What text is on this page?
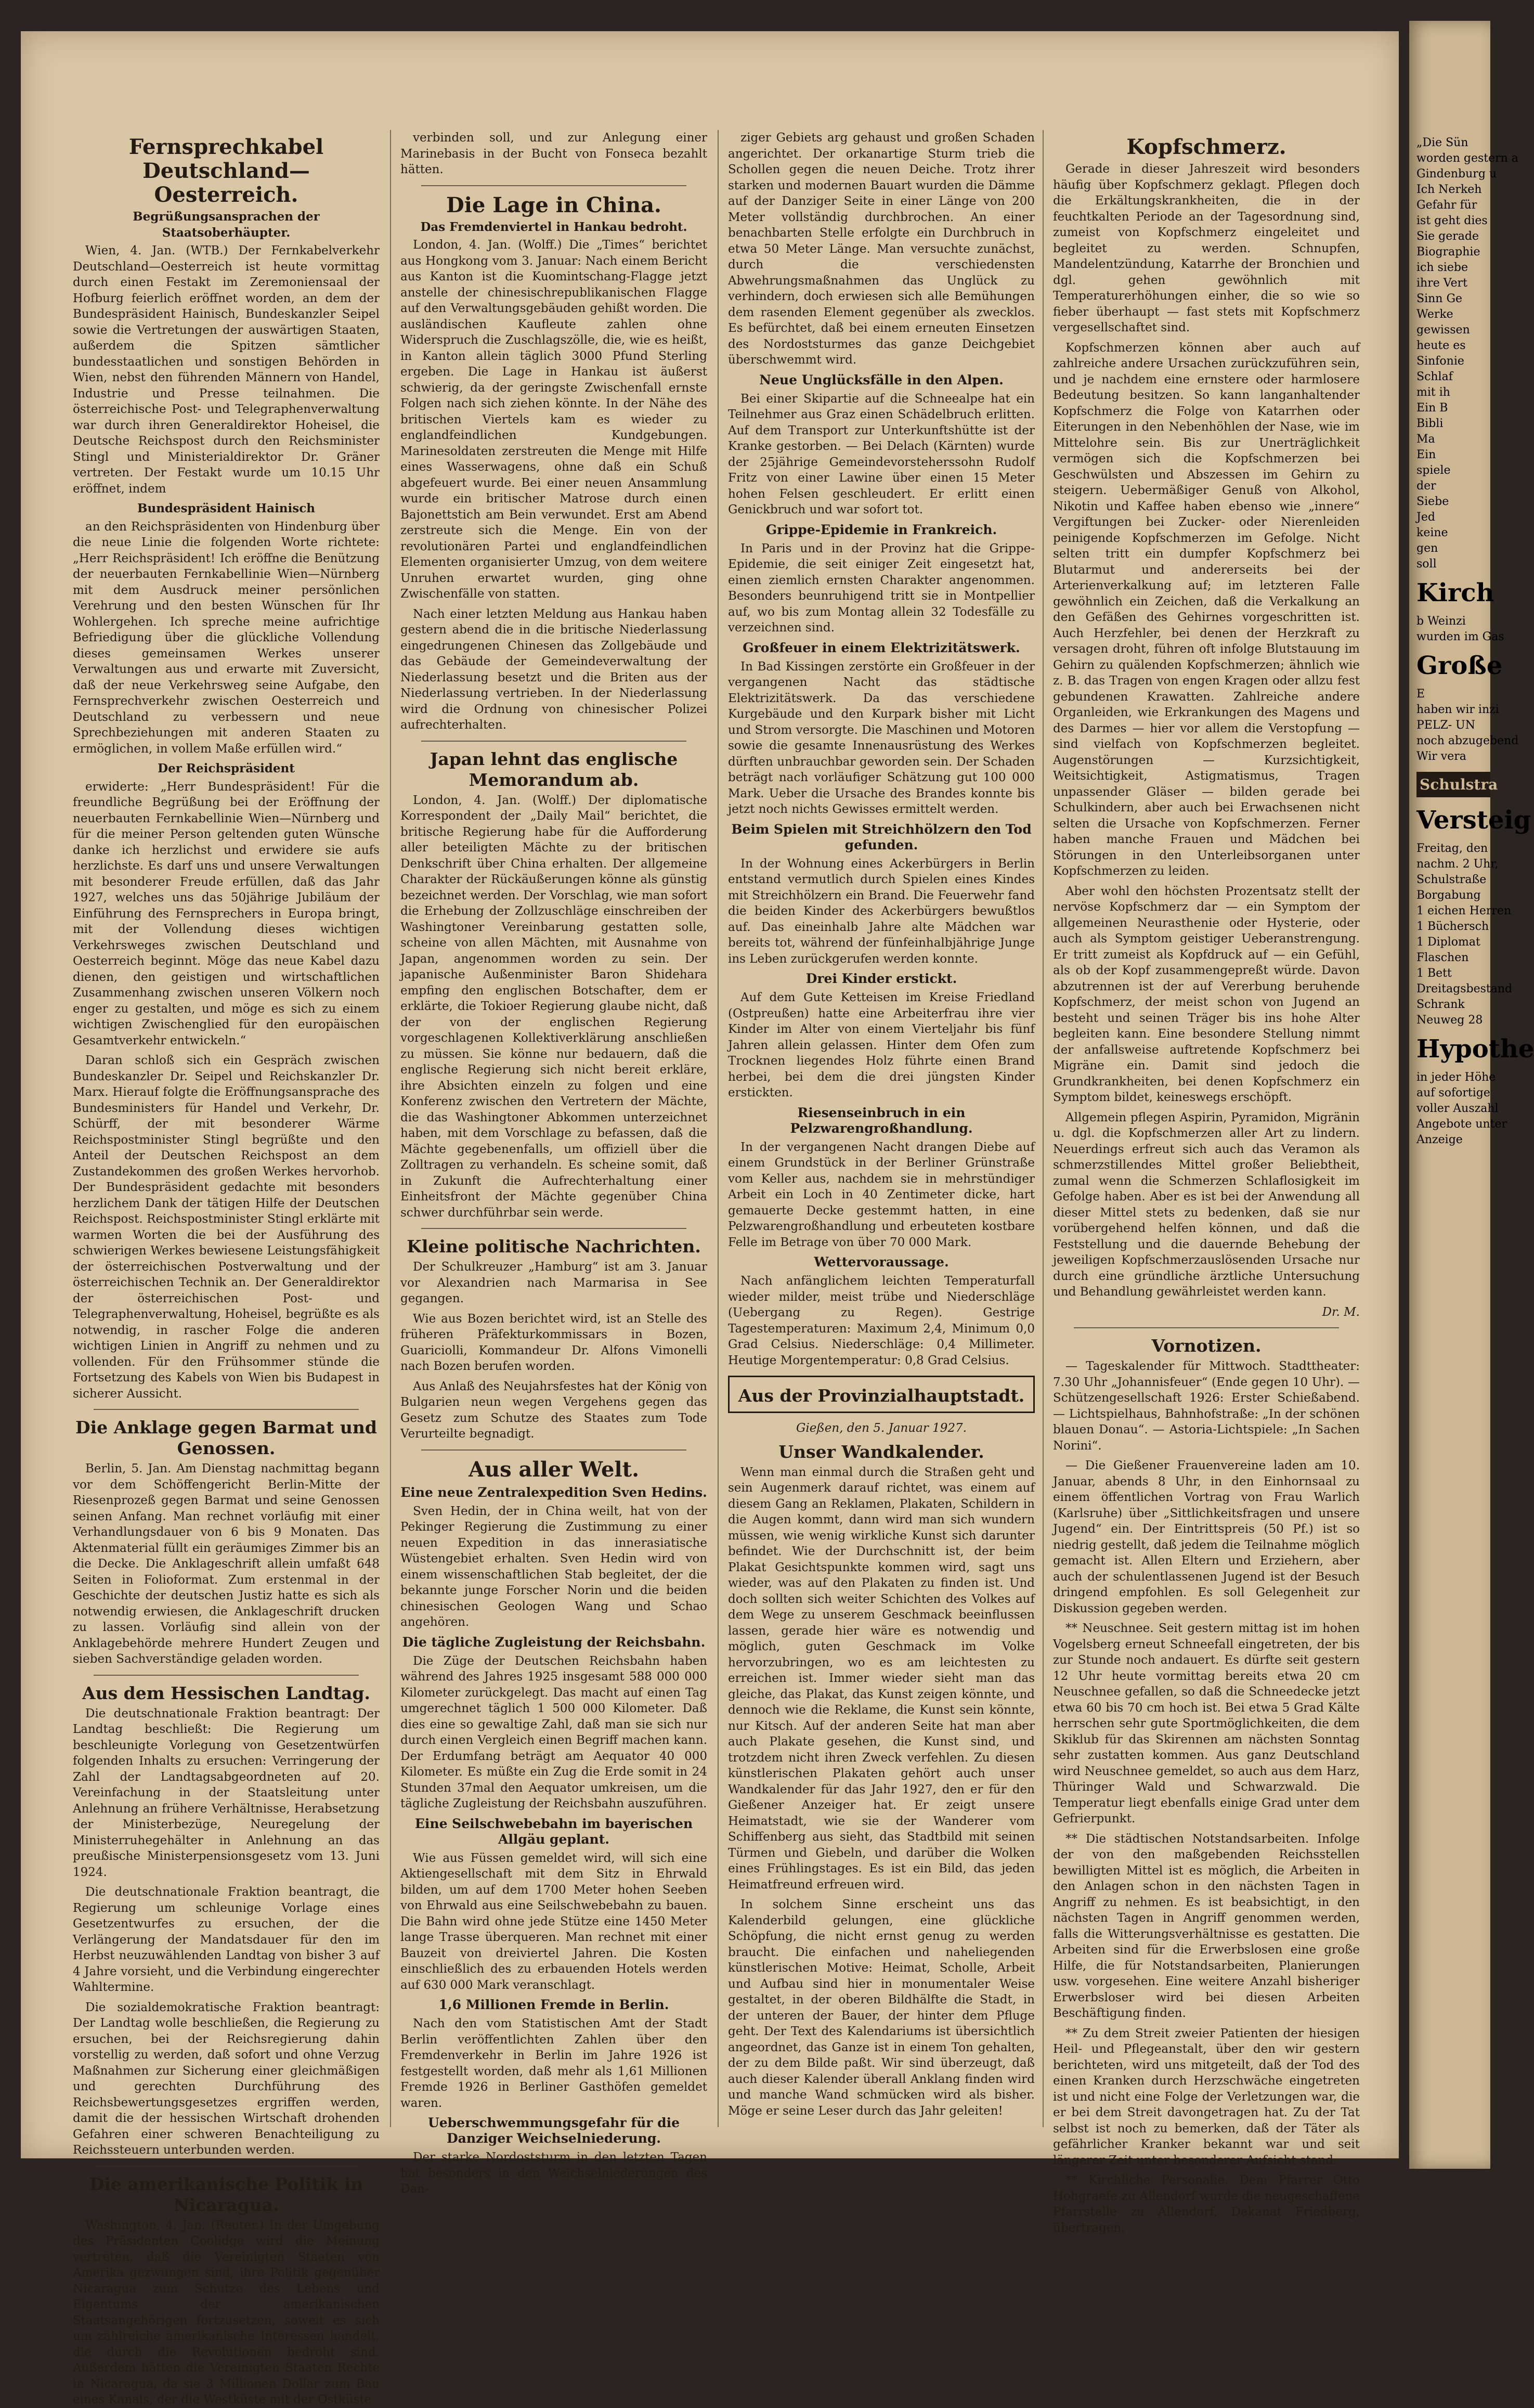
Fernsprechkabel Deutschland—Oesterreich.
Begrüßungsansprachen der Staatsoberhäupter.

Wien, 4. Jan. (WTB.) Der Fernkabelverkehr Deutschland—Oesterreich ist heute vormittag durch einen Festakt im Zeremoniensaal der Hofburg feierlich eröffnet worden, an dem der Bundespräsident Hainisch, Bundeskanzler Seipel sowie die Vertretungen der auswärtigen Staaten, außerdem die Spitzen sämtlicher bundesstaatlichen und sonstigen Behörden in Wien, nebst den führenden Männern von Handel, Industrie und Presse teilnahmen. Die österreichische Post- und Telegraphenverwaltung war durch ihren Generaldirektor Hoheisel, die Deutsche Reichspost durch den Reichsminister Stingl und Ministerialdirektor Dr. Gräner vertreten. Der Festakt wurde um 10.15 Uhr eröffnet, indem

Bundespräsident Hainisch

an den Reichspräsidenten von Hindenburg über die neue Linie die folgenden Worte richtete: „Herr Reichspräsident! Ich eröffne die Benützung der neuerbauten Fernkabellinie Wien—Nürnberg mit dem Ausdruck meiner persönlichen Verehrung und den besten Wünschen für Ihr Wohlergehen. Ich spreche meine aufrichtige Befriedigung über die glückliche Vollendung dieses gemeinsamen Werkes unserer Verwaltungen aus und erwarte mit Zuversicht, daß der neue Verkehrsweg seine Aufgabe, den Fernsprechverkehr zwischen Oesterreich und Deutschland zu verbessern und neue Sprechbeziehungen mit anderen Staaten zu ermöglichen, in vollem Maße erfüllen wird.“

Der Reichspräsident

erwiderte: „Herr Bundespräsident! Für die freundliche Begrüßung bei der Eröffnung der neuerbauten Fernkabellinie Wien—Nürnberg und für die meiner Person geltenden guten Wünsche danke ich herzlichst und erwidere sie aufs herzlichste. Es darf uns und unsere Verwaltungen mit besonderer Freude erfüllen, daß das Jahr 1927, welches uns das 50jährige Jubiläum der Einführung des Fernsprechers in Europa bringt, mit der Vollendung dieses wichtigen Verkehrsweges zwischen Deutschland und Oesterreich beginnt. Möge das neue Kabel dazu dienen, den geistigen und wirtschaftlichen Zusammenhang zwischen unseren Völkern noch enger zu gestalten, und möge es sich zu einem wichtigen Zwischenglied für den europäischen Gesamtverkehr entwickeln.“

Daran schloß sich ein Gespräch zwischen Bundeskanzler Dr. Seipel und Reichskanzler Dr. Marx. Hierauf folgte die Eröffnungsansprache des Bundesministers für Handel und Verkehr, Dr. Schürff, der mit besonderer Wärme Reichspostminister Stingl begrüßte und den Anteil der Deutschen Reichspost an dem Zustandekommen des großen Werkes hervorhob. Der Bundespräsident gedachte mit besonders herzlichem Dank der tätigen Hilfe der Deutschen Reichspost. Reichspostminister Stingl erklärte mit warmen Worten die bei der Ausführung des schwierigen Werkes bewiesene Leistungsfähigkeit der österreichischen Postverwaltung und der österreichischen Technik an. Der Generaldirektor der österreichischen Post- und Telegraphenverwaltung, Hoheisel, begrüßte es als notwendig, in rascher Folge die anderen wichtigen Linien in Angriff zu nehmen und zu vollenden. Für den Frühsommer stünde die Fortsetzung des Kabels von Wien bis Budapest in sicherer Aussicht.

Die Anklage gegen Barmat und Genossen.

Berlin, 5. Jan. Am Dienstag nachmittag begann vor dem Schöffengericht Berlin-Mitte der Riesenprozeß gegen Barmat und seine Genossen seinen Anfang. Man rechnet vorläufig mit einer Verhandlungsdauer von 6 bis 9 Monaten. Das Aktenmaterial füllt ein geräumiges Zimmer bis an die Decke. Die Anklageschrift allein umfaßt 648 Seiten in Folioformat. Zum erstenmal in der Geschichte der deutschen Justiz hatte es sich als notwendig erwiesen, die Anklageschrift drucken zu lassen. Vorläufig sind allein von der Anklagebehörde mehrere Hundert Zeugen und sieben Sachverständige geladen worden.

Aus dem Hessischen Landtag.

Die deutschnationale Fraktion beantragt: Der Landtag beschließt: Die Regierung um beschleunigte Vorlegung von Gesetzentwürfen folgenden Inhalts zu ersuchen: Verringerung der Zahl der Landtagsabgeordneten auf 20. Vereinfachung in der Staatsleitung unter Anlehnung an frühere Verhältnisse, Herabsetzung der Ministerbezüge, Neuregelung der Ministerruhegehälter in Anlehnung an das preußische Ministerpensionsgesetz vom 13. Juni 1924.

Die deutschnationale Fraktion beantragt, die Regierung um schleunige Vorlage eines Gesetzentwurfes zu ersuchen, der die Verlängerung der Mandatsdauer für den im Herbst neuzuwählenden Landtag von bisher 3 auf 4 Jahre vorsieht, und die Verbindung eingerechter Wahltermine.

Die sozialdemokratische Fraktion beantragt: Der Landtag wolle beschließen, die Regierung zu ersuchen, bei der Reichsregierung dahin vorstellig zu werden, daß sofort und ohne Verzug Maßnahmen zur Sicherung einer gleichmäßigen und gerechten Durchführung des Reichsbewertungsgesetzes ergriffen werden, damit die der hessischen Wirtschaft drohenden Gefahren einer schweren Benachteiligung zu Reichssteuern unterbunden werden.

Die amerikanische Politik in Nicaragua.

Washington, 4. Jan. (Reuter.) In der Umgebung des Präsidenten Coolidge wird die Meinung vertreten, daß die Vereinigten Staaten von Amerika gezwungen sind, ihre Politik gegenüber Nicaragua zum Schutze des Lebens und Eigentums der amerikanischen Staatsangehörigen fortzusetzen, soweit es sich um zahlreiche amerikanische Interessen handelt, die durch die Revolutionen bedroht sind. Außerdem hätten die Vereinigten Staaten Rechte in Nicaragua, da sie 3 Millionen Dollar zum Bau eines Kanals, der die Westküste mit der Ostküste

verbinden soll, und zur Anlegung einer Marinebasis in der Bucht von Fonseca bezahlt hätten.

Die Lage in China.
Das Fremdenviertel in Hankau bedroht.

London, 4. Jan. (Wolff.) Die „Times“ berichtet aus Hongkong vom 3. Januar: Nach einem Bericht aus Kanton ist die Kuomintschang-Flagge jetzt anstelle der chinesischrepublikanischen Flagge auf den Verwaltungsgebäuden gehißt worden. Die ausländischen Kaufleute zahlen ohne Widerspruch die Zuschlagszölle, die, wie es heißt, in Kanton allein täglich 3000 Pfund Sterling ergeben. Die Lage in Hankau ist äußerst schwierig, da der geringste Zwischenfall ernste Folgen nach sich ziehen könnte. In der Nähe des britischen Viertels kam es wieder zu englandfeindlichen Kundgebungen. Marinesoldaten zerstreuten die Menge mit Hilfe eines Wasserwagens, ohne daß ein Schuß abgefeuert wurde. Bei einer neuen Ansammlung wurde ein britischer Matrose durch einen Bajonettstich am Bein verwundet. Erst am Abend zerstreute sich die Menge. Ein von der revolutionären Partei und englandfeindlichen Elementen organisierter Umzug, von dem weitere Unruhen erwartet wurden, ging ohne Zwischenfälle von statten.

Nach einer letzten Meldung aus Hankau haben gestern abend die in die britische Niederlassung eingedrungenen Chinesen das Zollgebäude und das Gebäude der Gemeindeverwaltung der Niederlassung besetzt und die Briten aus der Niederlassung vertrieben. In der Niederlassung wird die Ordnung von chinesischer Polizei aufrechterhalten.

Japan lehnt das englische Memorandum ab.

London, 4. Jan. (Wolff.) Der diplomatische Korrespondent der „Daily Mail“ berichtet, die britische Regierung habe für die Aufforderung aller beteiligten Mächte zu der britischen Denkschrift über China erhalten. Der allgemeine Charakter der Rückäußerungen könne als günstig bezeichnet werden. Der Vorschlag, wie man sofort die Erhebung der Zollzuschläge einschreiben der Washingtoner Vereinbarung gestatten solle, scheine von allen Mächten, mit Ausnahme von Japan, angenommen worden zu sein. Der japanische Außenminister Baron Shidehara empfing den englischen Botschafter, dem er erklärte, die Tokioer Regierung glaube nicht, daß der von der englischen Regierung vorgeschlagenen Kollektiverklärung anschließen zu müssen. Sie könne nur bedauern, daß die englische Regierung sich nicht bereit erkläre, ihre Absichten einzeln zu folgen und eine Konferenz zwischen den Vertretern der Mächte, die das Washingtoner Abkommen unterzeichnet haben, mit dem Vorschlage zu befassen, daß die Mächte gegebenenfalls, um offiziell über die Zolltragen zu verhandeln. Es scheine somit, daß in Zukunft die Aufrechterhaltung einer Einheitsfront der Mächte gegenüber China schwer durchführbar sein werde.

Kleine politische Nachrichten.

Der Schulkreuzer „Hamburg“ ist am 3. Januar vor Alexandrien nach Marmarisa in See gegangen.

Wie aus Bozen berichtet wird, ist an Stelle des früheren Präfekturkommissars in Bozen, Guariciolli, Kommandeur Dr. Alfons Vimonelli nach Bozen berufen worden.

Aus Anlaß des Neujahrsfestes hat der König von Bulgarien neun wegen Vergehens gegen das Gesetz zum Schutze des Staates zum Tode Verurteilte begnadigt.

Aus aller Welt.
Eine neue Zentralexpedition Sven Hedins.

Sven Hedin, der in China weilt, hat von der Pekinger Regierung die Zustimmung zu einer neuen Expedition in das innerasiatische Wüstengebiet erhalten. Sven Hedin wird von einem wissenschaftlichen Stab begleitet, der die bekannte junge Forscher Norin und die beiden chinesischen Geologen Wang und Schao angehören.

Die tägliche Zugleistung der Reichsbahn.

Die Züge der Deutschen Reichsbahn haben während des Jahres 1925 insgesamt 588 000 000 Kilometer zurückgelegt. Das macht auf einen Tag umgerechnet täglich 1 500 000 Kilometer. Daß dies eine so gewaltige Zahl, daß man sie sich nur durch einen Vergleich einen Begriff machen kann. Der Erdumfang beträgt am Aequator 40 000 Kilometer. Es müßte ein Zug die Erde somit in 24 Stunden 37mal den Aequator umkreisen, um die tägliche Zugleistung der Reichsbahn auszuführen.

Eine Seilschwebebahn im bayerischen Allgäu geplant.

Wie aus Füssen gemeldet wird, will sich eine Aktiengesellschaft mit dem Sitz in Ehrwald bilden, um auf dem 1700 Meter hohen Seeben von Ehrwald aus eine Seilschwebebahn zu bauen. Die Bahn wird ohne jede Stütze eine 1450 Meter lange Trasse überqueren. Man rechnet mit einer Bauzeit von dreiviertel Jahren. Die Kosten einschließlich des zu erbauenden Hotels werden auf 630 000 Mark veranschlagt.

1,6 Millionen Fremde in Berlin.

Nach den vom Statistischen Amt der Stadt Berlin veröffentlichten Zahlen über den Fremdenverkehr in Berlin im Jahre 1926 ist festgestellt worden, daß mehr als 1,61 Millionen Fremde 1926 in Berliner Gasthöfen gemeldet waren.

Ueberschwemmungsgefahr für die Danziger Weichselniederung.

Der starke Nordoststurm in den letzten Tagen hat besonders in den Weichselniederungen des Dan-

ziger Gebiets arg gehaust und großen Schaden angerichtet. Der orkanartige Sturm trieb die Schollen gegen die neuen Deiche. Trotz ihrer starken und modernen Bauart wurden die Dämme auf der Danziger Seite in einer Länge von 200 Meter vollständig durchbrochen. An einer benachbarten Stelle erfolgte ein Durchbruch in etwa 50 Meter Länge. Man versuchte zunächst, durch die verschiedensten Abwehrungsmaßnahmen das Unglück zu verhindern, doch erwiesen sich alle Bemühungen dem rasenden Element gegenüber als zwecklos. Es befürchtet, daß bei einem erneuten Einsetzen des Nordoststurmes das ganze Deichgebiet überschwemmt wird.

Neue Unglücksfälle in den Alpen.

Bei einer Skipartie auf die Schneealpe hat ein Teilnehmer aus Graz einen Schädelbruch erlitten. Auf dem Transport zur Unterkunftshütte ist der Kranke gestorben. — Bei Delach (Kärnten) wurde der 25jährige Gemeindevorsteherssohn Rudolf Fritz von einer Lawine über einen 15 Meter hohen Felsen geschleudert. Er erlitt einen Genickbruch und war sofort tot.

Grippe-Epidemie in Frankreich.

In Paris und in der Provinz hat die Grippe-Epidemie, die seit einiger Zeit eingesetzt hat, einen ziemlich ernsten Charakter angenommen. Besonders beunruhigend tritt sie in Montpellier auf, wo bis zum Montag allein 32 Todesfälle zu verzeichnen sind.

Großfeuer in einem Elektrizitätswerk.

In Bad Kissingen zerstörte ein Großfeuer in der vergangenen Nacht das städtische Elektrizitätswerk. Da das verschiedene Kurgebäude und den Kurpark bisher mit Licht und Strom versorgte. Die Maschinen und Motoren sowie die gesamte Innenausrüstung des Werkes dürften unbrauchbar geworden sein. Der Schaden beträgt nach vorläufiger Schätzung gut 100 000 Mark. Ueber die Ursache des Brandes konnte bis jetzt noch nichts Gewisses ermittelt werden.

Beim Spielen mit Streichhölzern den Tod gefunden.

In der Wohnung eines Ackerbürgers in Berlin entstand vermutlich durch Spielen eines Kindes mit Streichhölzern ein Brand. Die Feuerwehr fand die beiden Kinder des Ackerbürgers bewußtlos auf. Das eineinhalb Jahre alte Mädchen war bereits tot, während der fünfeinhalbjährige Junge ins Leben zurückgerufen werden konnte.

Drei Kinder erstickt.

Auf dem Gute Ketteisen im Kreise Friedland (Ostpreußen) hatte eine Arbeiterfrau ihre vier Kinder im Alter von einem Vierteljahr bis fünf Jahren allein gelassen. Hinter dem Ofen zum Trocknen liegendes Holz führte einen Brand herbei, bei dem die drei jüngsten Kinder erstickten.

Riesenseinbruch in ein Pelzwarengroßhandlung.

In der vergangenen Nacht drangen Diebe auf einem Grundstück in der Berliner Grünstraße vom Keller aus, nachdem sie in mehrstündiger Arbeit ein Loch in 40 Zentimeter dicke, hart gemauerte Decke gestemmt hatten, in eine Pelzwarengroßhandlung und erbeuteten kostbare Felle im Betrage von über 70 000 Mark.

Wettervoraussage.

Nach anfänglichem leichten Temperaturfall wieder milder, meist trübe und Niederschläge (Uebergang zu Regen). Gestrige Tagestemperaturen: Maximum 2,4, Minimum 0,0 Grad Celsius. Niederschläge: 0,4 Millimeter. Heutige Morgentemperatur: 0,8 Grad Celsius.

Aus der Provinzialhauptstadt.
Gießen, den 5. Januar 1927.
Unser Wandkalender.

Wenn man einmal durch die Straßen geht und sein Augenmerk darauf richtet, was einem auf diesem Gang an Reklamen, Plakaten, Schildern in die Augen kommt, dann wird man sich wundern müssen, wie wenig wirkliche Kunst sich darunter befindet. Wie der Durchschnitt ist, der beim Plakat Gesichtspunkte kommen wird, sagt uns wieder, was auf den Plakaten zu finden ist. Und doch sollten sich weiter Schichten des Volkes auf dem Wege zu unserem Geschmack beeinflussen lassen, gerade hier wäre es notwendig und möglich, guten Geschmack im Volke hervorzubringen, wo es am leichtesten zu erreichen ist. Immer wieder sieht man das gleiche, das Plakat, das Kunst zeigen könnte, und dennoch wie die Reklame, die Kunst sein könnte, nur Kitsch. Auf der anderen Seite hat man aber auch Plakate gesehen, die Kunst sind, und trotzdem nicht ihren Zweck verfehlen. Zu diesen künstlerischen Plakaten gehört auch unser Wandkalender für das Jahr 1927, den er für den Gießener Anzeiger hat. Er zeigt unsere Heimatstadt, wie sie der Wanderer vom Schiffenberg aus sieht, das Stadtbild mit seinen Türmen und Giebeln, und darüber die Wolken eines Frühlingstages. Es ist ein Bild, das jeden Heimatfreund erfreuen wird.

In solchem Sinne erscheint uns das Kalenderbild gelungen, eine glückliche Schöpfung, die nicht ernst genug zu werden braucht. Die einfachen und naheliegenden künstlerischen Motive: Heimat, Scholle, Arbeit und Aufbau sind hier in monumentaler Weise gestaltet, in der oberen Bildhälfte die Stadt, in der unteren der Bauer, der hinter dem Pfluge geht. Der Text des Kalendariums ist übersichtlich angeordnet, das Ganze ist in einem Ton gehalten, der zu dem Bilde paßt. Wir sind überzeugt, daß auch dieser Kalender überall Anklang finden wird und manche Wand schmücken wird als bisher. Möge er seine Leser durch das Jahr geleiten!

Kopfschmerz.

Gerade in dieser Jahreszeit wird besonders häufig über Kopfschmerz geklagt. Pflegen doch die Erkältungskrankheiten, die in der feuchtkalten Periode an der Tagesordnung sind, zumeist von Kopfschmerz eingeleitet und begleitet zu werden. Schnupfen, Mandelentzündung, Katarrhe der Bronchien und dgl. gehen gewöhnlich mit Temperaturerhöhungen einher, die so wie so fieber überhaupt — fast stets mit Kopfschmerz vergesellschaftet sind.

Kopfschmerzen können aber auch auf zahlreiche andere Ursachen zurückzuführen sein, und je nachdem eine ernstere oder harmlosere Bedeutung besitzen. So kann langanhaltender Kopfschmerz die Folge von Katarrhen oder Eiterungen in den Nebenhöhlen der Nase, wie im Mittelohre sein. Bis zur Unerträglichkeit vermögen sich die Kopfschmerzen bei Geschwülsten und Abszessen im Gehirn zu steigern. Uebermäßiger Genuß von Alkohol, Nikotin und Kaffee haben ebenso wie „innere“ Vergiftungen bei Zucker- oder Nierenleiden peinigende Kopfschmerzen im Gefolge. Nicht selten tritt ein dumpfer Kopfschmerz bei Blutarmut und andererseits bei der Arterienverkalkung auf; im letzteren Falle gewöhnlich ein Zeichen, daß die Verkalkung an den Gefäßen des Gehirnes vorgeschritten ist. Auch Herzfehler, bei denen der Herzkraft zu versagen droht, führen oft infolge Blutstauung im Gehirn zu quälenden Kopfschmerzen; ähnlich wie z. B. das Tragen von engen Kragen oder allzu fest gebundenen Krawatten. Zahlreiche andere Organleiden, wie Erkrankungen des Magens und des Darmes — hier vor allem die Verstopfung — sind vielfach von Kopfschmerzen begleitet. Augenstörungen — Kurzsichtigkeit, Weitsichtigkeit, Astigmatismus, Tragen unpassender Gläser — bilden gerade bei Schulkindern, aber auch bei Erwachsenen nicht selten die Ursache von Kopfschmerzen. Ferner haben manche Frauen und Mädchen bei Störungen in den Unterleibsorganen unter Kopfschmerzen zu leiden.

Aber wohl den höchsten Prozentsatz stellt der nervöse Kopfschmerz dar — ein Symptom der allgemeinen Neurasthenie oder Hysterie, oder auch als Symptom geistiger Ueberanstrengung. Er tritt zumeist als Kopfdruck auf — ein Gefühl, als ob der Kopf zusammengepreßt würde. Davon abzutrennen ist der auf Vererbung beruhende Kopfschmerz, der meist schon von Jugend an besteht und seinen Träger bis ins hohe Alter begleiten kann. Eine besondere Stellung nimmt der anfallsweise auftretende Kopfschmerz bei Migräne ein. Damit sind jedoch die Grundkrankheiten, bei denen Kopfschmerz ein Symptom bildet, keineswegs erschöpft.

Allgemein pflegen Aspirin, Pyramidon, Migränin u. dgl. die Kopfschmerzen aller Art zu lindern. Neuerdings erfreut sich auch das Veramon als schmerzstillendes Mittel großer Beliebtheit, zumal wenn die Schmerzen Schlaflosigkeit im Gefolge haben. Aber es ist bei der Anwendung all dieser Mittel stets zu bedenken, daß sie nur vorübergehend helfen können, und daß die Feststellung und die dauernde Behebung der jeweiligen Kopfschmerzauslösenden Ursache nur durch eine gründliche ärztliche Untersuchung und Behandlung gewährleistet werden kann.

Dr. M.
Vornotizen.

— Tageskalender für Mittwoch. Stadttheater: 7.30 Uhr „Johannisfeuer“ (Ende gegen 10 Uhr). — Schützengesellschaft 1926: Erster Schießabend. — Lichtspielhaus, Bahnhofstraße: „In der schönen blauen Donau“. — Astoria-Lichtspiele: „In Sachen Norini“.

— Die Gießener Frauenvereine laden am 10. Januar, abends 8 Uhr, in den Einhornsaal zu einem öffentlichen Vortrag von Frau Warlich (Karlsruhe) über „Sittlichkeitsfragen und unsere Jugend“ ein. Der Eintrittspreis (50 Pf.) ist so niedrig gestellt, daß jedem die Teilnahme möglich gemacht ist. Allen Eltern und Erziehern, aber auch der schulentlassenen Jugend ist der Besuch dringend empfohlen. Es soll Gelegenheit zur Diskussion gegeben werden.

** Neuschnee. Seit gestern mittag ist im hohen Vogelsberg erneut Schneefall eingetreten, der bis zur Stunde noch andauert. Es dürfte seit gestern 12 Uhr heute vormittag bereits etwa 20 cm Neuschnee gefallen, so daß die Schneedecke jetzt etwa 60 bis 70 cm hoch ist. Bei etwa 5 Grad Kälte herrschen sehr gute Sportmöglichkeiten, die dem Skiklub für das Skirennen am nächsten Sonntag sehr zustatten kommen. Aus ganz Deutschland wird Neuschnee gemeldet, so auch aus dem Harz, Thüringer Wald und Schwarzwald. Die Temperatur liegt ebenfalls einige Grad unter dem Gefrierpunkt.

** Die städtischen Notstandsarbeiten. Infolge der von den maßgebenden Reichsstellen bewilligten Mittel ist es möglich, die Arbeiten in den Anlagen schon in den nächsten Tagen in Angriff zu nehmen. Es ist beabsichtigt, in den nächsten Tagen in Angriff genommen werden, falls die Witterungsverhältnisse es gestatten. Die Arbeiten sind für die Erwerbslosen eine große Hilfe, die für Notstandsarbeiten, Planierungen usw. vorgesehen. Eine weitere Anzahl bisheriger Erwerbsloser wird bei diesen Arbeiten Beschäftigung finden.

** Zu dem Streit zweier Patienten der hiesigen Heil- und Pflegeanstalt, über den wir gestern berichteten, wird uns mitgeteilt, daß der Tod des einen Kranken durch Herzschwäche eingetreten ist und nicht eine Folge der Verletzungen war, die er bei dem Streit davongetragen hat. Zu der Tat selbst ist noch zu bemerken, daß der Täter als gefährlicher Kranker bekannt war und seit längerer Zeit unter besonderer Aufsicht stand.

** Kirchliche Personalie. Dem Pfarrer Otto Hohgraefe zu Allendorf wurde die neugeschaffene Pfarrstelle zu Allendorf, Dekanat Friedberg, übertragen.

„Die Sün

worden gestern a

Gindenburg u

Ich Nerkeh

Gefahr für

ist geht dies

Sie gerade

Biographie

ich siebe

ihre Vert

Sinn Ge

Werke

gewissen

heute es

Sinfonie

Schlaf

mit ih

Ein B

Bibli

Ma

Ein

spiele

der

Siebe

Jed

keine

gen

soll

Kirch

b Weinzi

wurden im Gas

Große

E

haben wir inzi

PELZ- UN

noch abzugebend

Wir vera

Schulstra
Versteig

Freitag, den

nachm. 2 Uhr,

Schulstraße

Borgabung

1 eichen Herren

1 Büchersch

1 Diplomat

Flaschen

1 Bett

Dreitagsbestand

Schrank

Neuweg 28

Hypothe

in jeder Höhe

auf sofortige

voller Auszahl

Angebote unter

Anzeige
